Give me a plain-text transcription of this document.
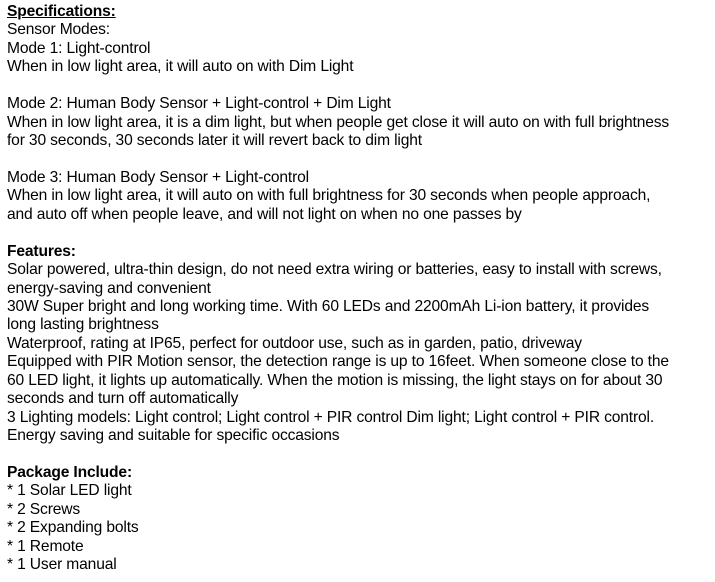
Specifications:
Sensor Modes:
Mode 1: Light-control
When in low light area, it will auto on with Dim Light
Mode 2: Human Body Sensor + Light-control + Dim Light
When in low light area, it is a dim light, but when people get close it will auto on with full brightness
for 30 seconds, 30 seconds later it will revert back to dim light
Mode 3: Human Body Sensor + Light-control
When in low light area, it will auto on with full brightness for 30 seconds when people approach,
and auto off when people leave, and will not light on when no one passes by
Features:
Solar powered, ultra-thin design, do not need extra wiring or batteries, easy to install with screws,
energy-saving and convenient
30W Super bright and long working time. With 60 LEDs and 2200mAh Li-ion battery, it provides
long lasting brightness
Waterproof, rating at IP65, perfect for outdoor use, such as in garden, patio, driveway
Equipped with PIR Motion sensor, the detection range is up to 16feet. When someone close to the
60 LED light, it lights up automatically. When the motion is missing, the light stays on for about 30
seconds and turn off automatically
3 Lighting models: Light control; Light control + PIR control Dim light; Light control + PIR control.
Energy saving and suitable for specific occasions
Package Include:
* 1 Solar LED light
* 2 Screws
* 2 Expanding bolts
* 1 Remote
* 1 User manual
